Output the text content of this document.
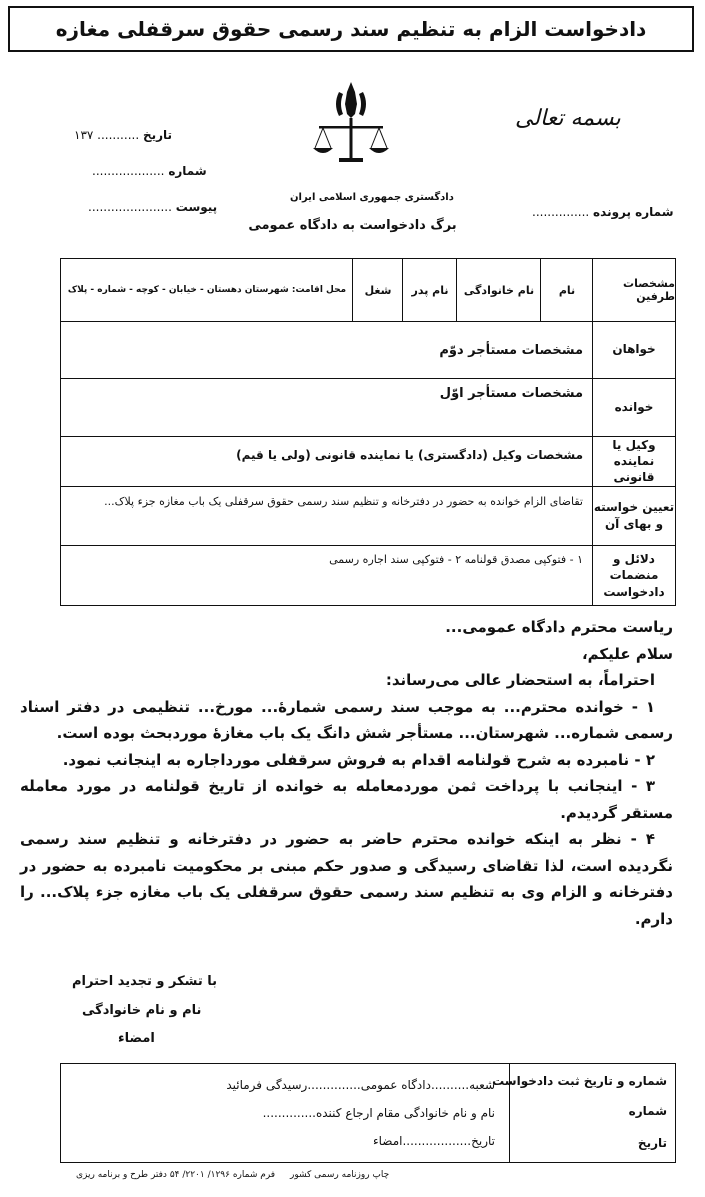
دادخواست الزام به تنظیم سند رسمی حقوق سرقفلی مغازه
بسمه تعالی
دادگستری جمهوری اسلامی ایران
تاریخ ........... ۱۳۷
شماره ...................
پیوست ......................	شماره پرونده ...............
برگ دادخواست به دادگاه عمومی
مشخصات طرفین
نام
نام خانوادگی
نام پدر
شغل
محل اقامت: شهرستان دهستان - خیابان - کوچه - شماره - پلاک
خواهان
مشخصات مستأجر دوّم
خوانده
مشخصات مستأجر اوّل
وکیل یا نماینده قانونی
مشخصات وکیل (دادگستری) یا نماینده قانونی (ولی یا قیم)
تعیین خواسته و بهای آن
تقاضای الزام خوانده به حضور در دفترخانه و تنظیم سند رسمی حقوق سرقفلی یک باب مغازه جزء پلاک...
دلائل و منضمات دادخواست
۱ - فتوکپی مصدق قولنامه ۲ - فتوکپی سند اجاره رسمی
ریاست محترم دادگاه عمومی...
سلام علیکم،
احتراماً، به استحضار عالی می‌رساند:
۱ - خوانده محترم... به موجب سند رسمی شمارهٔ... مورخ... تنظیمی در دفتر اسناد رسمی شماره... شهرستان... مستأجر شش دانگ یک باب مغازهٔ موردبحث بوده است.
۲ - نامبرده به شرح قولنامه اقدام به فروش سرقفلی مورداجاره به اینجانب نمود.
۳ - اینجانب با پرداخت ثمن موردمعامله به خوانده از تاریخ قولنامه در مورد معامله مستقر گردیدم.
۴ - نظر به اینکه خوانده محترم حاضر به حضور در دفترخانه و تنظیم سند رسمی نگردیده است، لذا تقاضای رسیدگی و صدور حکم مبنی بر محکومیت نامبرده به حضور در دفترخانه و الزام وی به تنظیم سند رسمی حقوق سرقفلی یک باب مغازه جزء پلاک... را دارم.
با تشکر و تجدید احترام
نام و نام خانوادگی
امضاء
شماره و تاریخ ثبت دادخواست
شماره
تاریخ
شعبه..........دادگاه عمومی..............رسیدگی فرمائید
نام و نام خانوادگی مقام ارجاع کننده..............
تاریخ..................امضاء
چاپ روزنامه رسمی کشور
فرم شماره ۱۲۹۶/ ۲۲۰۱/ ۵۴ دفتر طرح و برنامه ریزی
